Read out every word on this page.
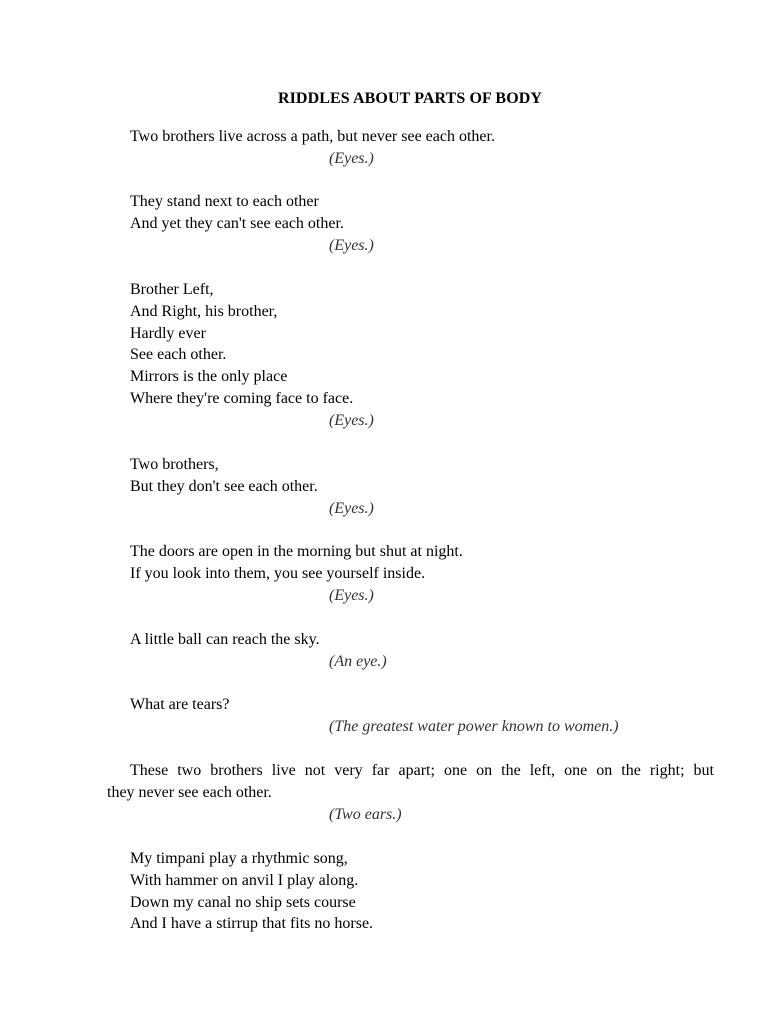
RIDDLES ABOUT PARTS OF BODY
Two brothers live across a path, but never see each other.
(Eyes.)
They stand next to each other
And yet they can't see each other.
(Eyes.)
Brother Left,
And Right, his brother,
Hardly ever
See each other.
Mirrors is the only place
Where they're coming face to face.
(Eyes.)
Two brothers,
But they don't see each other.
(Eyes.)
The doors are open in the morning but shut at night.
If you look into them, you see yourself inside.
(Eyes.)
A little ball can reach the sky.
(An eye.)
What are tears?
(The greatest water power known to women.)
These two brothers live not very far apart; one on the left, one on the right; but
they never see each other.
(Two ears.)
My timpani play a rhythmic song,
With hammer on anvil I play along.
Down my canal no ship sets course
And I have a stirrup that fits no horse.
